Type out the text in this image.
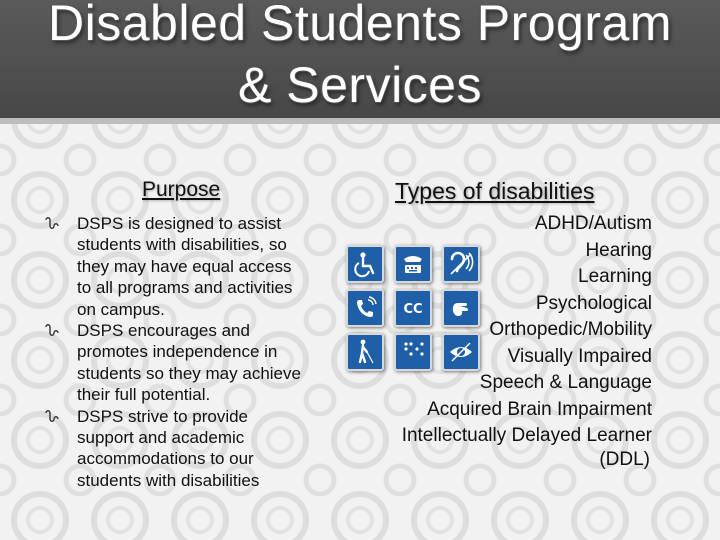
Disabled Students Program
& Services
Purpose	Types of disabilities
DSPS is designed to assist
students with disabilities, so
they may have equal access
to all programs and activities
on campus.
DSPS encourages and
promotes independence in
students so they may achieve
their full potential.
DSPS strive to provide
support and academic
accommodations to our
students with disabilities
ADHD/Autism
Hearing
Learning
Psychological
Orthopedic/Mobility
Visually Impaired
Speech & Language
Acquired Brain Impairment
Intellectually Delayed Learner
(DDL)
CC
